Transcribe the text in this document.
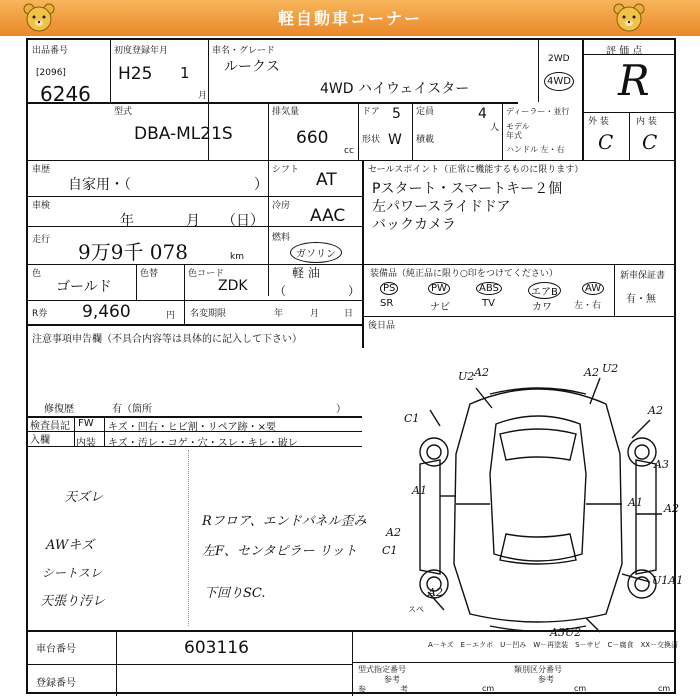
軽自動車コーナー
出品番号
[2096]
6246
初度登録年月
H25 1
月
車名・グレード
ルークス
4WD ハイウェイスター
2WD
4WD
評 価 点
R
外 装	内 装
C C
型式
DBA-ML21S
排気量
660
cc
ドア 5
形状 W
定員	4
人
積載
ディーラー・並行
モデル年式
ハンドル 左・右
車歴
自家用・（	）
シフト AT
車検
年	月 （日）
冷房 AAC
走行 9万9千 078	km
燃料
ガソリン
軽 油
（	）
色
ゴールド
色替	色コード
ZDK
R券 9,460	円 名変期限	年	月	日
セールスポイント（正常に機能するものに限ります）
Pスタート・スマートキー２個
左パワースライドドア
バックカメラ
装備品（純正品に限り○印をつけてください）
PS	PW	ABS	エアB	AW
SR	ナビ	TV	カワ 左・右
新車保証書
有・無
後日品
注意事項申告欄（不具合内容等は具体的に記入して下さい）
修復歴	有（箇所	）
検査員記入欄
FW
内装
キズ・凹右・ヒビ割・リペア跡・×要
キズ・汚レ・コゲ・穴・スレ・キレ・破レ
天ズレ
AWキズ
シートスレ
天張り汚レ
Rフロア、エンドパネル歪み
左F、センタピラー リット
下回りSC.
U2 A2	A2 U2
C1
A2
A3
A1
A2
A1
A2
C1
U1A1
A2
A3U2
スペ
A－キズ　E－エクボ　U－凹み　W－再塗装　S－サビ　C－腐食　XX－交換済
車台番号	603116
登録番号
型式指定番号
参考
類別区分番号
参考
参	考	cm	cm	cm
